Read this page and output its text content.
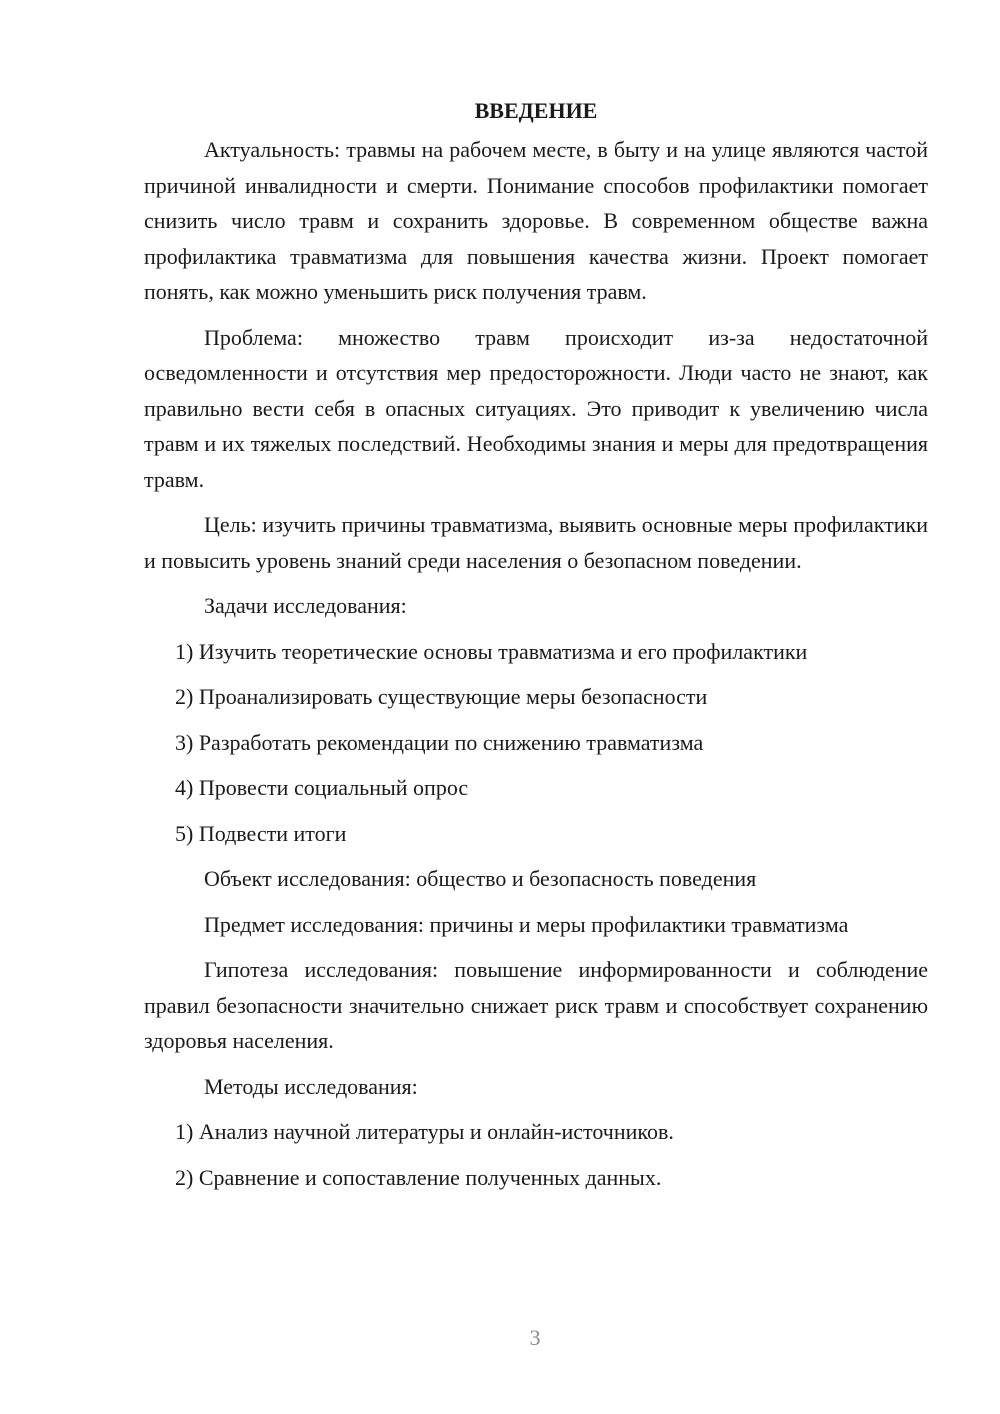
ВВЕДЕНИЕ

Актуальность: травмы на рабочем месте, в быту и на улице являются частой причиной инвалидности и смерти. Понимание способов профилактики помогает снизить число травм и сохранить здоровье. В современном обществе важна профилактика травматизма для повышения качества жизни. Проект помогает понять, как можно уменьшить риск получения травм.

Проблема: множество травм происходит из-за недостаточной осведомленности и отсутствия мер предосторожности. Люди часто не знают, как правильно вести себя в опасных ситуациях. Это приводит к увеличению числа травм и их тяжелых последствий. Необходимы знания и меры для предотвращения травм.

Цель: изучить причины травматизма, выявить основные меры профилактики и повысить уровень знаний среди населения о безопасном поведении.

Задачи исследования:
1) Изучить теоретические основы травматизма и его профилактики
2) Проанализировать существующие меры безопасности
3) Разработать рекомендации по снижению травматизма
4) Провести социальный опрос
5) Подвести итоги

Объект исследования: общество и безопасность поведения

Предмет исследования: причины и меры профилактики травматизма

Гипотеза исследования: повышение информированности и соблюдение правил безопасности значительно снижает риск травм и способствует сохранению здоровья населения.

Методы исследования:
1) Анализ научной литературы и онлайн-источников.
2) Сравнение и сопоставление полученных данных.
3
